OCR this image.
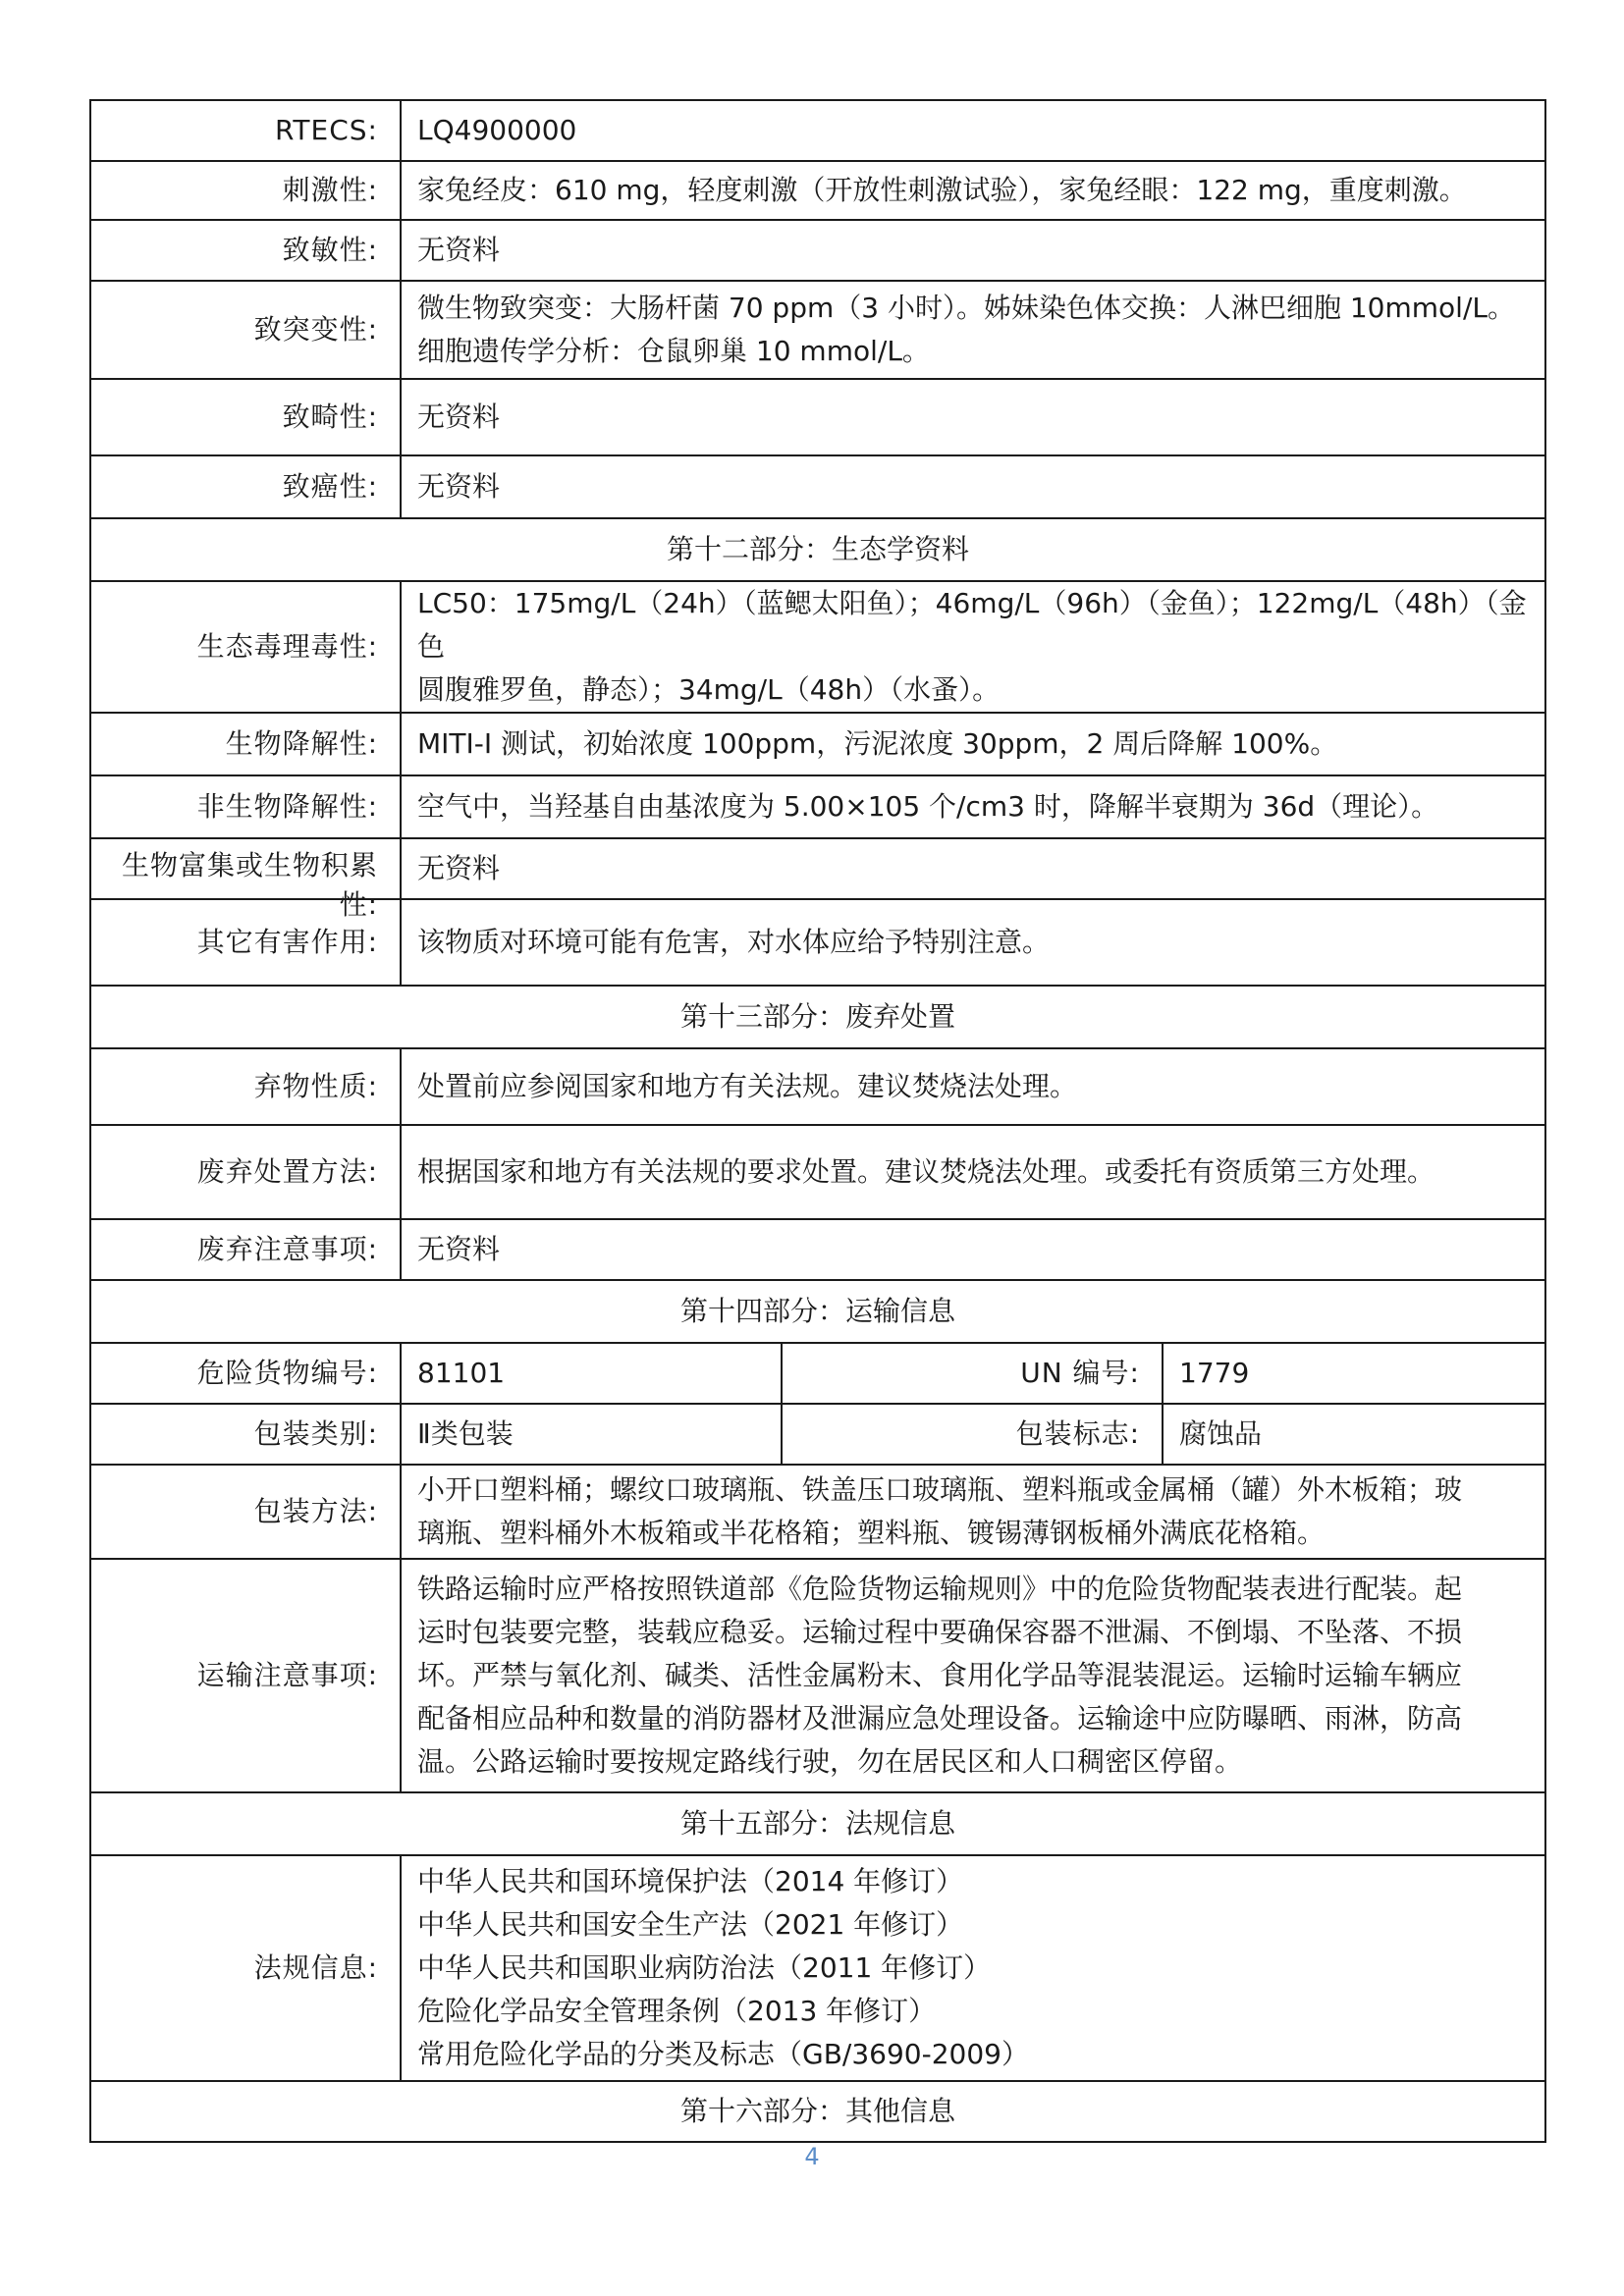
RTECS:	LQ4900000		
刺激性:	家兔经皮：610 mg，轻度刺激（开放性刺激试验），家兔经眼：122 mg，重度刺激。		
致敏性:	无资料		
致突变性:	微生物致突变：大肠杆菌 70 ppm（3 小时）。姊妹染色体交换：人淋巴细胞 10mmol/L。
细胞遗传学分析：仓鼠卵巢 10 mmol/L。		

致畸性:	无资料		
致癌性:	无资料		
第十二部分：生态学资料			
生态毒理毒性:	LC50：175mg/L（24h）（蓝鳃太阳鱼）；46mg/L（96h）（金鱼）；122mg/L（48h）（金色
圆腹雅罗鱼，静态）；34mg/L（48h）（水蚤）。		

生物降解性:	MITI-I 测试，初始浓度 100ppm，污泥浓度 30ppm，2 周后降解 100%。		
非生物降解性:	空气中，当羟基自由基浓度为 5.00×105 个/cm3 时，降解半衰期为 36d（理论）。		

生物富集或生物积累性:	无资料		
其它有害作用:	该物质对环境可能有危害，对水体应给予特别注意。		
第十三部分：废弃处置			
弃物性质:	处置前应参阅国家和地方有关法规。建议焚烧法处理。		
废弃处置方法:	根据国家和地方有关法规的要求处置。建议焚烧法处理。或委托有资质第三方处理。		
废弃注意事项:	无资料		
第十四部分：运输信息			
危险货物编号:	81101	UN 编号:	1779
包装类别:	Ⅱ类包装	包装标志:	腐蚀品
包装方法:	小开口塑料桶；螺纹口玻璃瓶、铁盖压口玻璃瓶、塑料瓶或金属桶（罐）外木板箱；玻
璃瓶、塑料桶外木板箱或半花格箱；塑料瓶、镀锡薄钢板桶外满底花格箱。		

运输注意事项:	铁路运输时应严格按照铁道部《危险货物运输规则》中的危险货物配装表进行配装。起
运时包装要完整，装载应稳妥。运输过程中要确保容器不泄漏、不倒塌、不坠落、不损
坏。严禁与氧化剂、碱类、活性金属粉末、食用化学品等混装混运。运输时运输车辆应
配备相应品种和数量的消防器材及泄漏应急处理设备。运输途中应防曝晒、雨淋，防高
温。公路运输时要按规定路线行驶，勿在居民区和人口稠密区停留。		

第十五部分：法规信息			
法规信息:	中华人民共和国环境保护法（2014 年修订）
中华人民共和国安全生产法（2021 年修订）
中华人民共和国职业病防治法（2011 年修订）
危险化学品安全管理条例（2013 年修订）
常用危险化学品的分类及标志（GB/3690-2009）		

第十六部分：其他信息			
4
